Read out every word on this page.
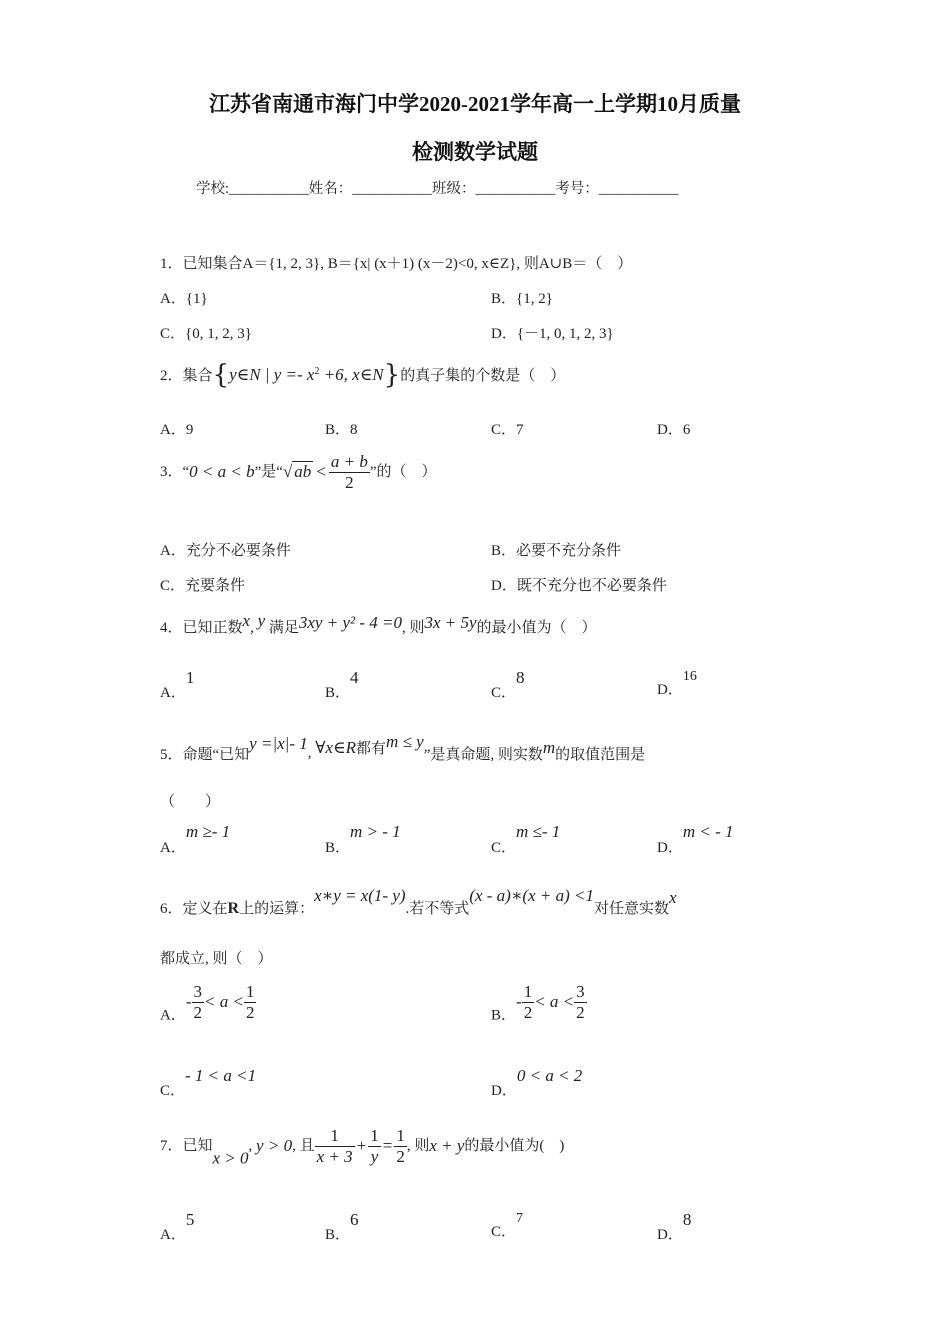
江苏省南通市海门中学2020-2021学年高一上学期10月质量
检测数学试题
学校:___________姓名：___________班级：___________考号：___________
1．已知集合A＝{1, 2, 3}, B＝{x| (x＋1) (x－2)<0, x∈Z}, 则A∪B＝（　）
A．{1}	B．{1, 2}
C．{0, 1, 2, 3}	D．{－1, 0, 1, 2, 3}
2．集合{y∈N | $y =- x^2 +6$, x∈N}的真子集的个数是（　）
A．9	B．8	C．7	D．6
3．“0 < a < b”是“√ ab < $\frac{a + b}{2}$ ”的（　）
A．充分不必要条件	B．必要不充分条件
C．充要条件	D．既不充分也不必要条件
4．已知正数x, y 满足3xy + y² - 4 =0, 则3x + 5y的最小值为（　）
A．1
B．4
C．8
D．16
5．命题“已知y =|x|- 1, ∀x∈R都有m ≤ y”是真命题, 则实数m的取值范围是
（　　）
A．m ≥- 1
B．m > - 1
C．m ≤- 1
D．m < - 1
6．定义在R上的运算：x∗y = x(1- y).若不等式(x - a)∗(x + a) <1对任意实数x
都成立, 则（　）
A．- $\frac{3}{2} < a < \frac{1}{2}$	B．- $\frac{1}{2} < a < \frac{3}{2}$
C．- 1 < a <1
D．0 < a < 2
7．已知x > 0, y > 0, 且 $\frac{1}{x + 3} + \frac{1}{y} = \frac{1}{2}$ , 则x + y的最小值为(　)
A．5
B．6
C．7
D．8
